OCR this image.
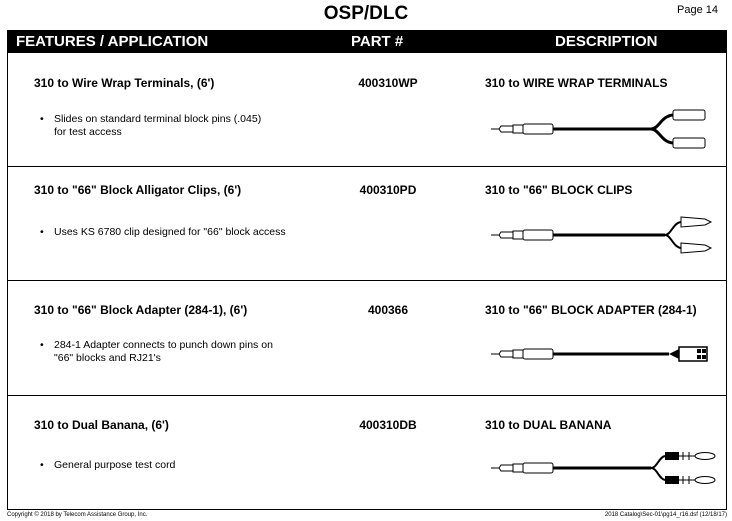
OSP/DLC	Page 14
FEATURES / APPLICATION	PART #	DESCRIPTION
310 to Wire Wrap Terminals, (6')	400310WP	310 to WIRE WRAP TERMINALS
• Slides on standard terminal block pins (.045)
for test access
310 to "66" Block Alligator Clips, (6')	400310PD	310 to "66" BLOCK CLIPS
• Uses KS 6780 clip designed for "66" block access
310 to "66" Block Adapter (284-1), (6')	400366	310 to "66" BLOCK ADAPTER (284-1)
• 284-1 Adapter connects to punch down pins on
"66" blocks and RJ21's
310 to Dual Banana, (6')	400310DB	310 to DUAL BANANA
• General purpose test cord
Copyright © 2018 by Telecom Assistance Group, Inc.	2018 Catalog\Sec-01\pg14_r16.dsf (12/18/17)
